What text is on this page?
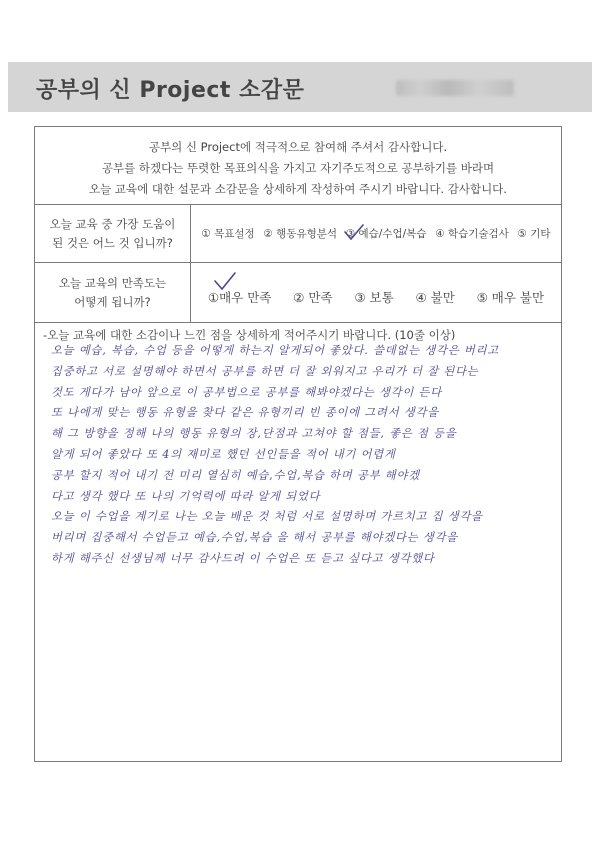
공부의 신 Project 소감문
공부의 신 Project에 적극적으로 참여해 주셔서 감사합니다.
공부를 하겠다는 뚜렷한 목표의식을 가지고 자기주도적으로 공부하기를 바라며
오늘 교육에 대한 설문과 소감문을 상세하게 작성하여 주시기 바랍니다. 감사합니다.
오늘 교육 중 가장 도움이
된 것은 어느 것 입니까?
① 목표설정 ② 행동유형분석 ③ 예습/수업/복습 ④ 학습기술검사 ⑤ 기타
오늘 교육의 만족도는
어떻게 됩니까?	①매우 만족 ② 만족 ③ 보통 ④ 불만 ⑤ 매우 불만
-오늘 교육에 대한 소감이나 느낀 점을 상세하게 적어주시기 바랍니다. (10줄 이상)
오늘 예습, 복습, 수업 등을 어떻게 하는지 알게되어 좋았다. 쓸데없는 생각은 버리고
집중하고 서로 설명해야 하면서 공부를 하면 더 잘 외워지고 우리가 더 잘 된다는
것도 게다가 남아 앞으로 이 공부법으로 공부를 해봐야겠다는 생각이 든다
또 나에게 맞는 행동 유형을 찾다 같은 유형끼리 빈 종이에 그려서 생각을
해 그 방향을 정해 나의 행동 유형의 장,단점과 고쳐야 할 점들, 좋은 점 등을
알게 되어 좋았다 또 4의 재미로 했던 선인들을 적어 내기 어렵게
공부 할지 적어 내기 전 미리 열심히 예습,수업,복습 하며 공부 해야겠
다고 생각 했다 또 나의 기억력에 따라 알게 되었다
오늘 이 수업을 계기로 나는 오늘 배운 것 처럼 서로 설명하며 가르치고 집 생각을
버리며 집중해서 수업듣고 예습,수업,복습 을 해서 공부를 해야겠다는 생각을
하게 해주신 선생님께 너무 감사드려 이 수업은 또 듣고 싶다고 생각했다
